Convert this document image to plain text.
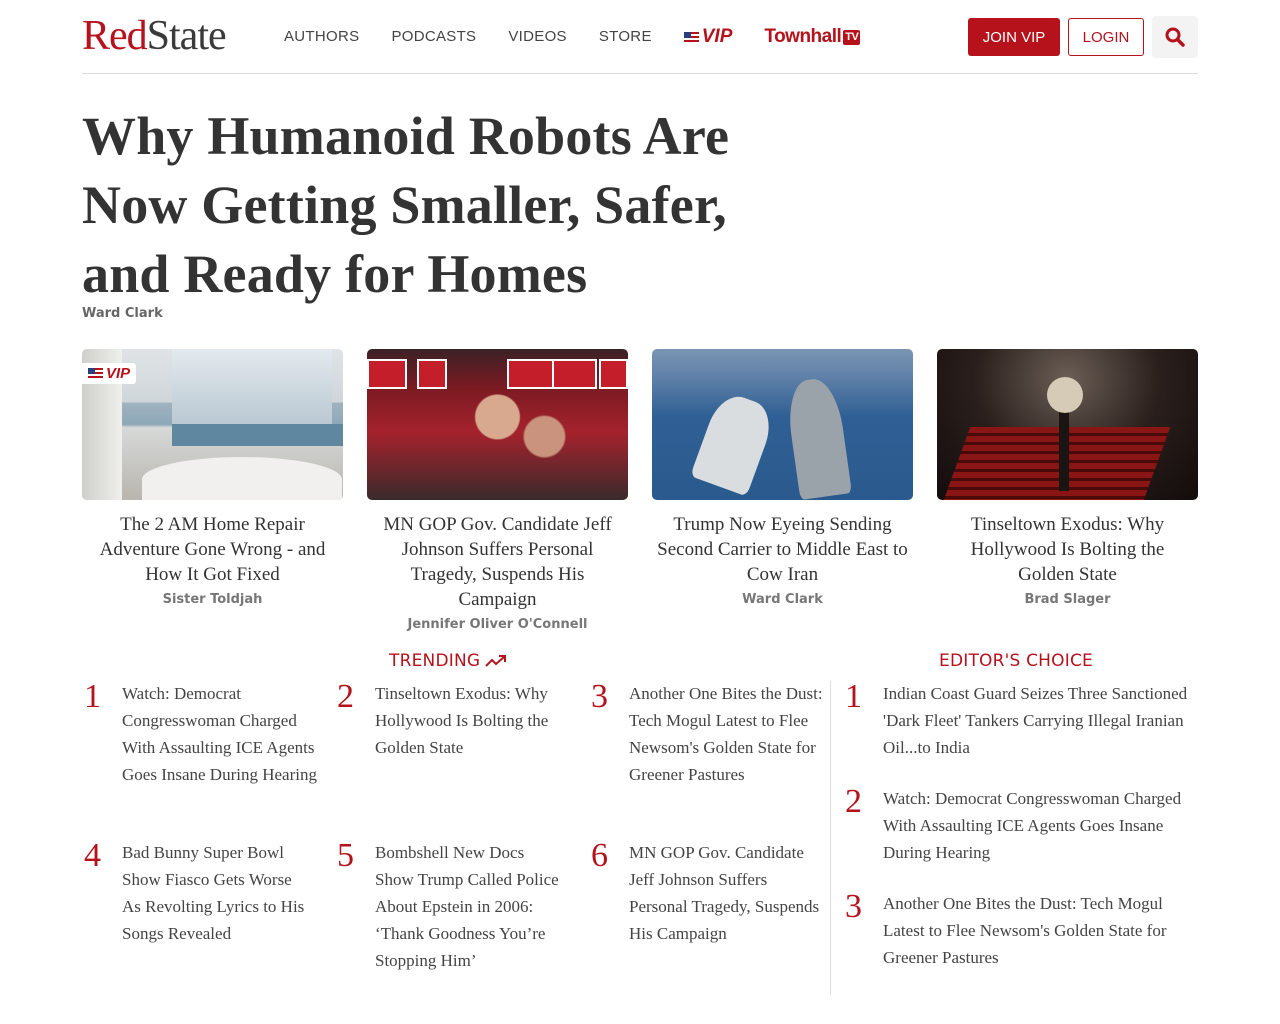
RedState	AUTHORS PODCASTS VIDEOS STORE	VIP Townhall TV	JOIN VIP	LOGIN
Why Humanoid Robots Are Now Getting Smaller, Safer, and Ready for Homes
Ward Clark
VIP
The 2 AM Home Repair Adventure Gone Wrong - and How It Got Fixed
Sister Toldjah
MN GOP Gov. Candidate Jeff Johnson Suffers Personal Tragedy, Suspends His Campaign
Jennifer Oliver O'Connell
Trump Now Eyeing Sending Second Carrier to Middle East to Cow Iran
Ward Clark
Tinseltown Exodus: Why Hollywood Is Bolting the Golden State
Brad Slager
TRENDING
1	Watch: Democrat Congresswoman Charged With Assaulting ICE Agents Goes Insane During Hearing
2	Tinseltown Exodus: Why Hollywood Is Bolting the Golden State
3	Another One Bites the Dust: Tech Mogul Latest to Flee Newsom's Golden State for Greener Pastures
4	Bad Bunny Super Bowl Show Fiasco Gets Worse As Revolting Lyrics to His Songs Revealed
5	Bombshell New Docs Show Trump Called Police About Epstein in 2006: ‘Thank Goodness You’re Stopping Him’
6	MN GOP Gov. Candidate Jeff Johnson Suffers Personal Tragedy, Suspends His Campaign
EDITOR'S CHOICE
1	Indian Coast Guard Seizes Three Sanctioned 'Dark Fleet' Tankers Carrying Illegal Iranian Oil...to India
2	Watch: Democrat Congresswoman Charged With Assaulting ICE Agents Goes Insane During Hearing
3	Another One Bites the Dust: Tech Mogul Latest to Flee Newsom's Golden State for Greener Pastures
